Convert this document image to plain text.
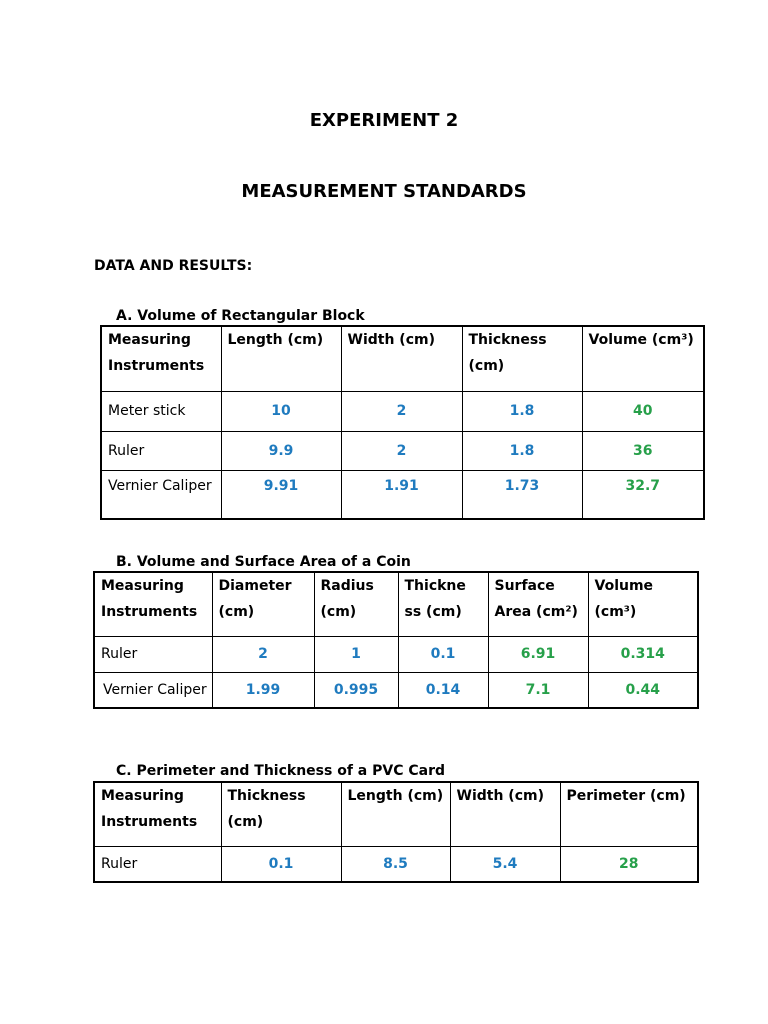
EXPERIMENT 2
MEASUREMENT STANDARDS

DATA AND RESULTS:

A. Volume of Rectangular Block

Measuring Instruments	Length (cm)	Width (cm)	Thickness (cm)	Volume (cm³)
Meter stick	10	2	1.8	40
Ruler	9.9	2	1.8	36
Vernier Caliper	9.91	1.91	1.73	32.7

B. Volume and Surface Area of a Coin

Measuring Instruments	Diameter (cm)	Radius (cm)	Thickne ss (cm)	Surface Area (cm²)	Volume (cm³)
Ruler	2	1	0.1	6.91	0.314
Vernier Caliper	1.99	0.995	0.14	7.1	0.44

C. Perimeter and Thickness of a PVC Card

Measuring Instruments	Thickness (cm)	Length (cm)	Width (cm)	Perimeter (cm)
Ruler	0.1	8.5	5.4	28
